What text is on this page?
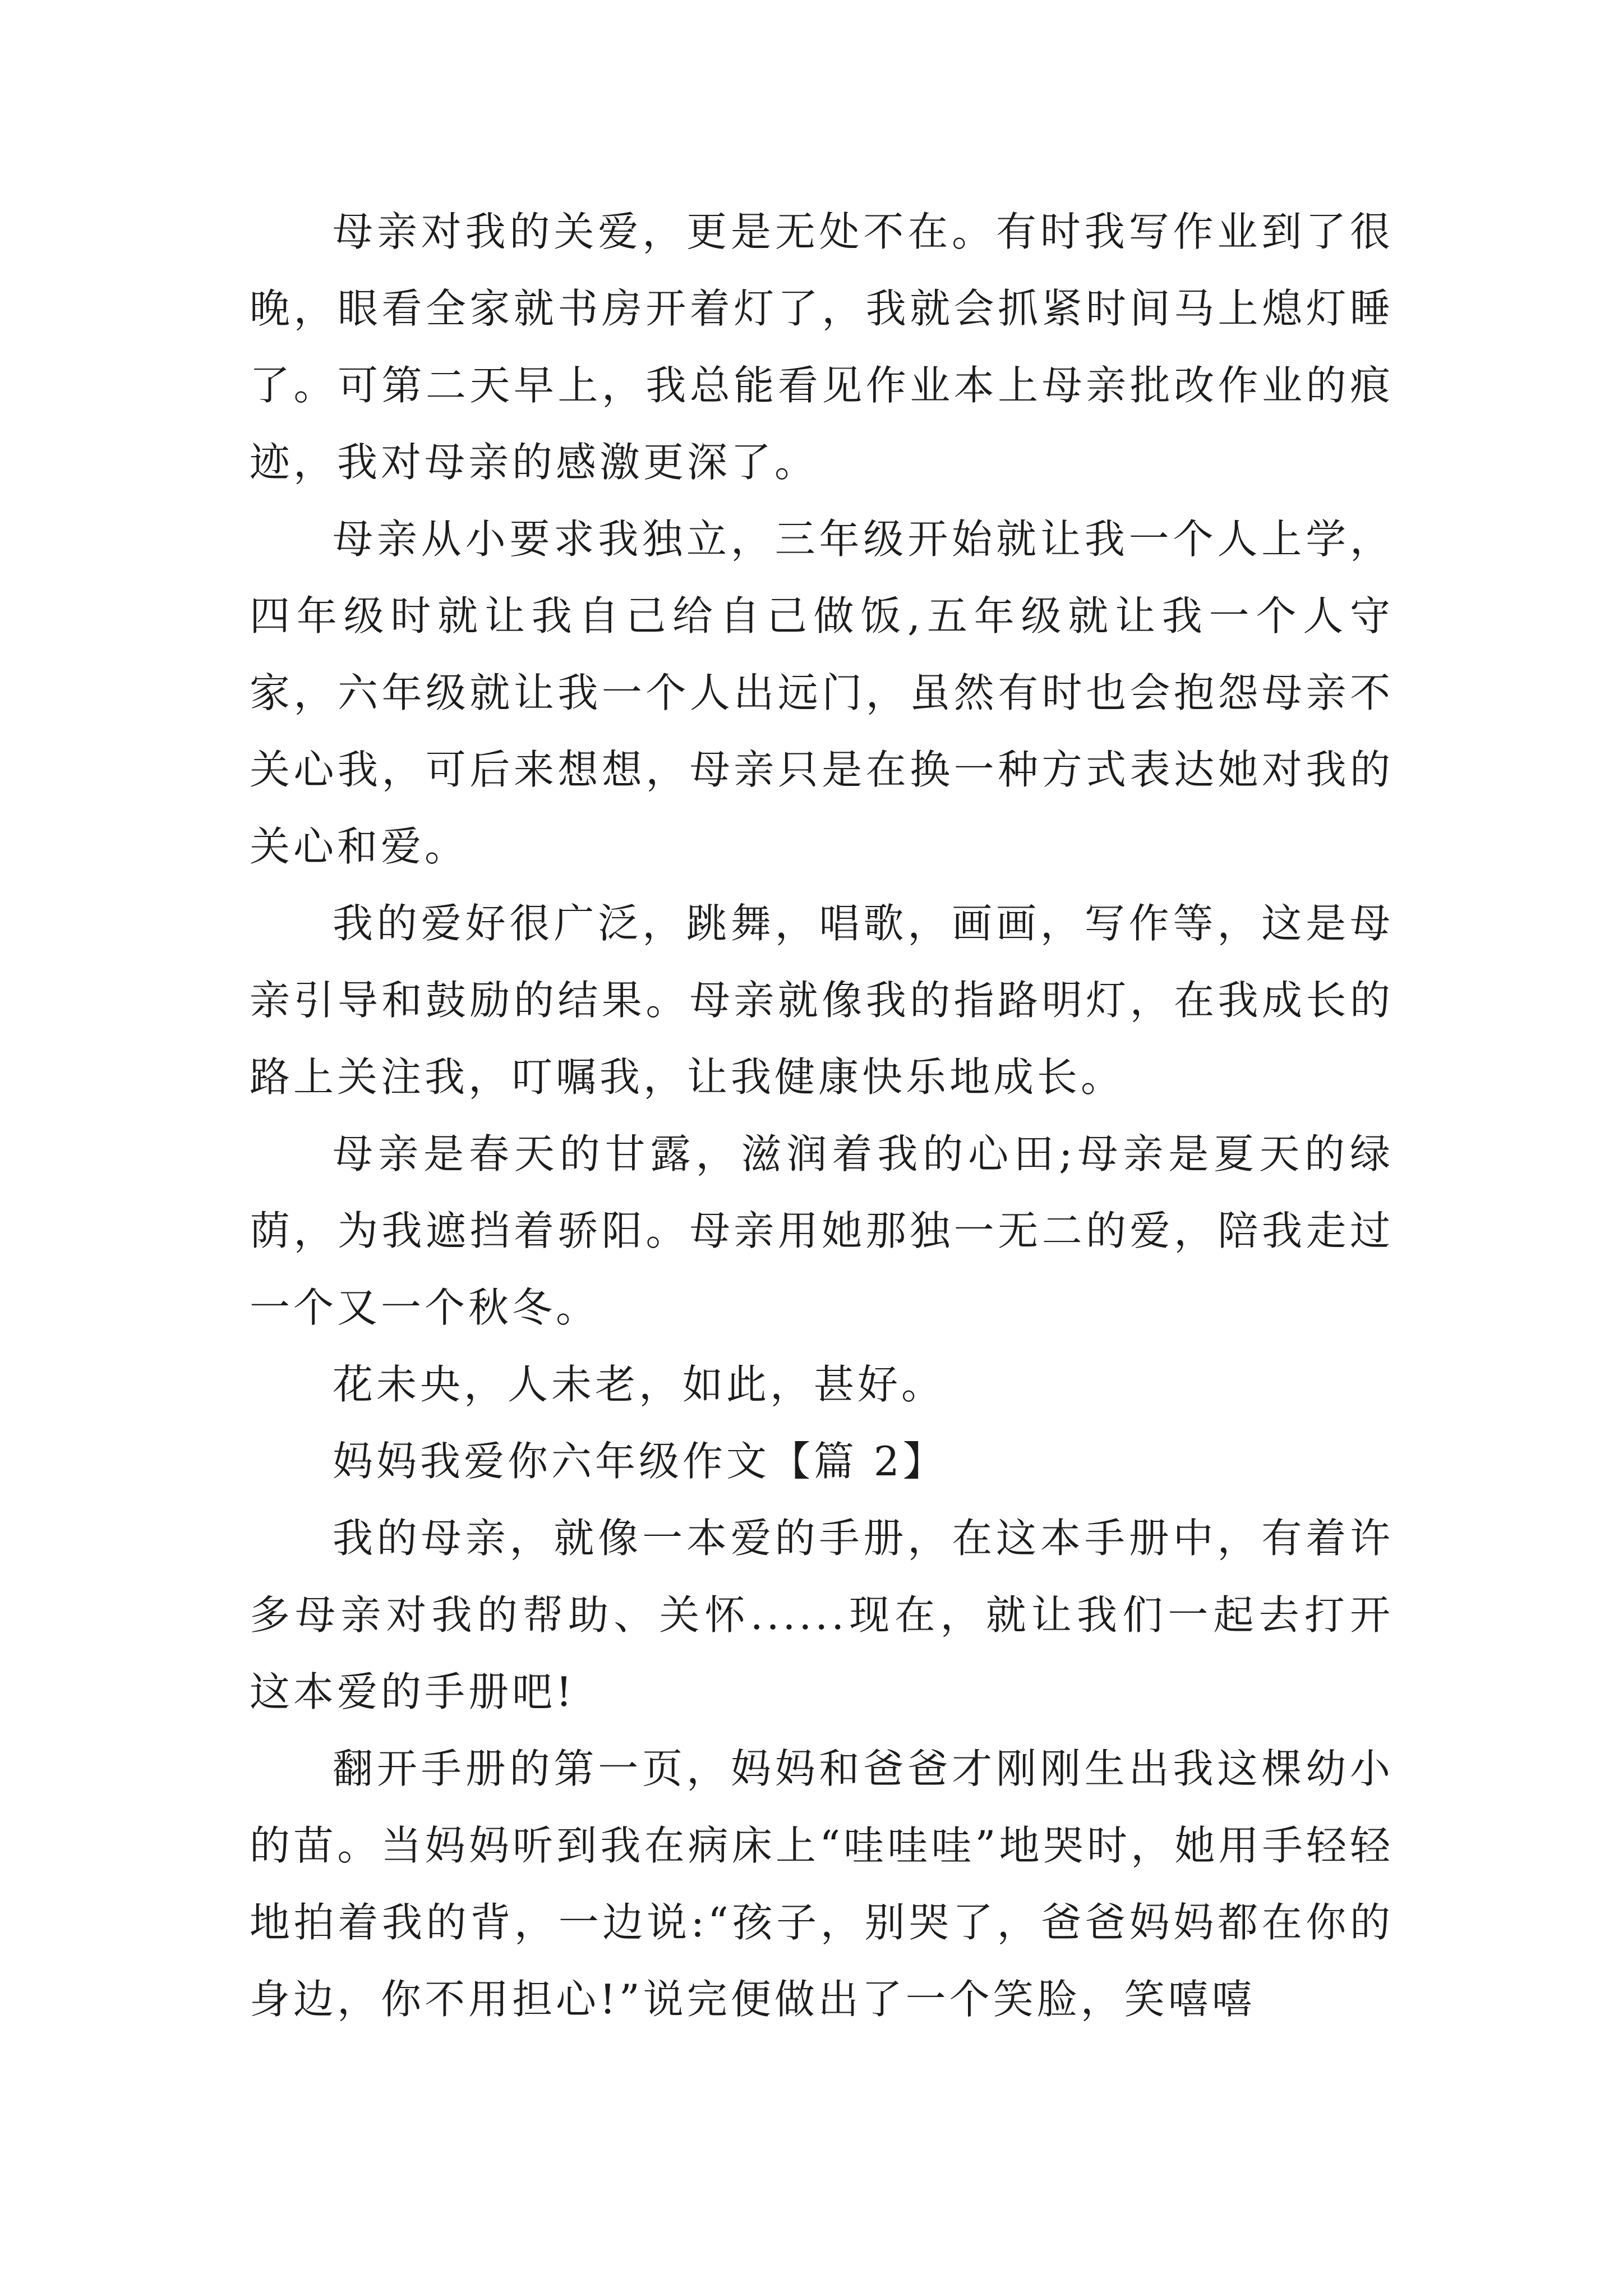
母亲对我的关爱，更是无处不在。有时我写作业到了很晚，眼看全家就书房开着灯了，我就会抓紧时间马上熄灯睡了。可第二天早上，我总能看见作业本上母亲批改作业的痕迹，我对母亲的感激更深了。

母亲从小要求我独立，三年级开始就让我一个人上学，四年级时就让我自己给自己做饭,五年级就让我一个人守家，六年级就让我一个人出远门，虽然有时也会抱怨母亲不关心我，可后来想想，母亲只是在换一种方式表达她对我的关心和爱。

我的爱好很广泛，跳舞，唱歌，画画，写作等，这是母亲引导和鼓励的结果。母亲就像我的指路明灯，在我成长的路上关注我，叮嘱我，让我健康快乐地成长。

母亲是春天的甘露，滋润着我的心田;母亲是夏天的绿荫，为我遮挡着骄阳。母亲用她那独一无二的爱，陪我走过一个又一个秋冬。

花未央，人未老，如此，甚好。

妈妈我爱你六年级作文【篇 2】

我的母亲，就像一本爱的手册，在这本手册中，有着许多母亲对我的帮助、关怀......现在，就让我们一起去打开这本爱的手册吧!

翻开手册的第一页，妈妈和爸爸才刚刚生出我这棵幼小的苗。当妈妈听到我在病床上“哇哇哇”地哭时，她用手轻轻地拍着我的背，一边说:“孩子，别哭了，爸爸妈妈都在你的身边，你不用担心!”说完便做出了一个笑脸，笑嘻嘻
